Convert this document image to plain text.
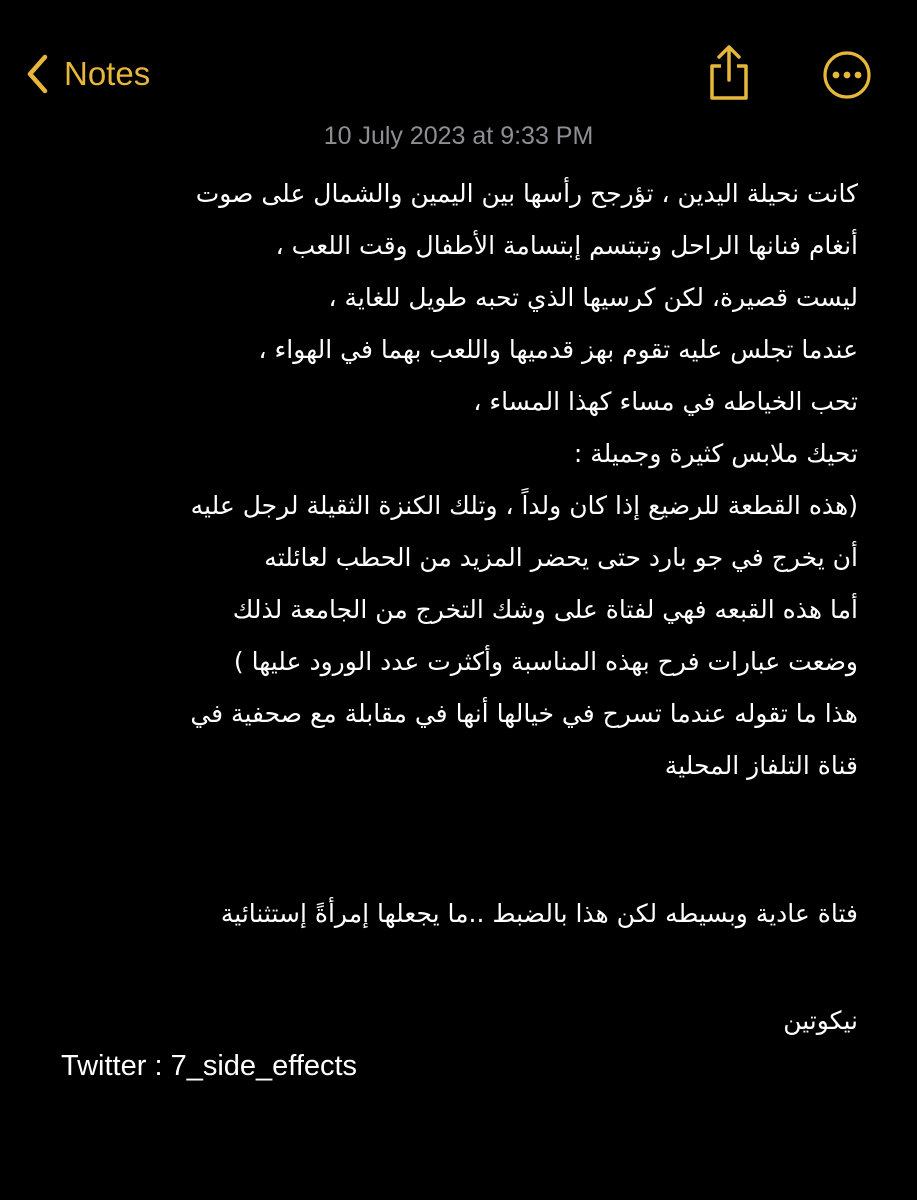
Notes
10 July 2023 at 9:33 PM
كانت نحيلة اليدين ، تؤرجح رأسها بين اليمين والشمال على صوت
أنغام فنانها الراحل وتبتسم إبتسامة الأطفال وقت اللعب ،
ليست قصيرة، لكن كرسيها الذي تحبه طويل للغاية ،
عندما تجلس عليه تقوم بهز قدميها واللعب بهما في الهواء ،
تحب الخياطه في مساء كهذا المساء ،
تحيك ملابس كثيرة وجميلة :
(هذه القطعة للرضيع إذا كان ولداً ، وتلك الكنزة الثقيلة لرجل عليه
أن يخرج في جو بارد حتى يحضر المزيد من الحطب لعائلته
أما هذه القبعه فهي لفتاة على وشك التخرج من الجامعة لذلك
وضعت عبارات فرح بهذه المناسبة وأكثرت عدد الورود عليها )
هذا ما تقوله عندما تسرح في خيالها أنها في مقابلة مع صحفية في
قناة التلفاز المحلية
فتاة عادية وبسيطه لكن هذا بالضبط ..ما يجعلها إمرأةً إستثنائية
نيكوتين
Twitter : 7_side_effects
